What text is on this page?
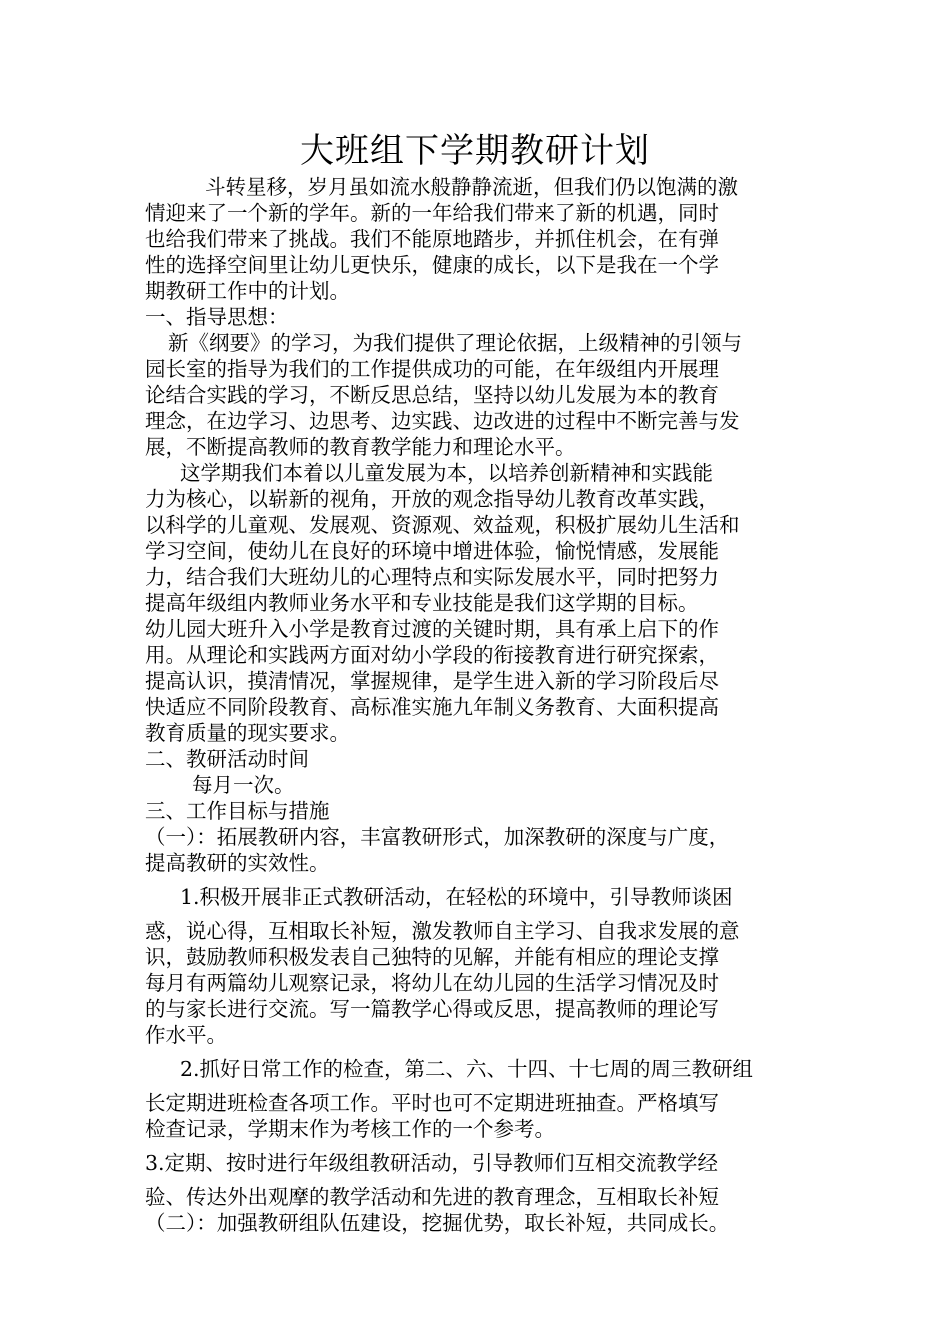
大班组下学期教研计划
斗转星移，岁月虽如流水般静静流逝，但我们仍以饱满的激
情迎来了一个新的学年。新的一年给我们带来了新的机遇，同时
也给我们带来了挑战。我们不能原地踏步，并抓住机会，在有弹
性的选择空间里让幼儿更快乐，健康的成长，以下是我在一个学
期教研工作中的计划。
一、指导思想：
新《纲要》的学习，为我们提供了理论依据，上级精神的引领与
园长室的指导为我们的工作提供成功的可能，在年级组内开展理
论结合实践的学习，不断反思总结，坚持以幼儿发展为本的教育
理念，在边学习、边思考、边实践、边改进的过程中不断完善与发
展，不断提高教师的教育教学能力和理论水平。
这学期我们本着以儿童发展为本，以培养创新精神和实践能
力为核心，以崭新的视角，开放的观念指导幼儿教育改革实践，
以科学的儿童观、发展观、资源观、效益观，积极扩展幼儿生活和
学习空间，使幼儿在良好的环境中增进体验，愉悦情感，发展能
力，结合我们大班幼儿的心理特点和实际发展水平，同时把努力
提高年级组内教师业务水平和专业技能是我们这学期的目标。
幼儿园大班升入小学是教育过渡的关键时期，具有承上启下的作
用。从理论和实践两方面对幼小学段的衔接教育进行研究探索，
提高认识，摸清情况，掌握规律，是学生进入新的学习阶段后尽
快适应不同阶段教育、高标准实施九年制义务教育、大面积提高
教育质量的现实要求。
二、教研活动时间
每月一次。
三、工作目标与措施
（一）：拓展教研内容，丰富教研形式，加深教研的深度与广度，
提高教研的实效性。
1.积极开展非正式教研活动，在轻松的环境中，引导教师谈困
惑，说心得，互相取长补短，激发教师自主学习、自我求发展的意
识，鼓励教师积极发表自己独特的见解，并能有相应的理论支撑
每月有两篇幼儿观察记录，将幼儿在幼儿园的生活学习情况及时
的与家长进行交流。写一篇教学心得或反思，提高教师的理论写
作水平。
2.抓好日常工作的检查，第二、六、十四、十七周的周三教研组
长定期进班检查各项工作。平时也可不定期进班抽查。严格填写
检查记录，学期末作为考核工作的一个参考。
3.定期、按时进行年级组教研活动，引导教师们互相交流教学经
验、传达外出观摩的教学活动和先进的教育理念，互相取长补短
（二）：加强教研组队伍建设，挖掘优势，取长补短，共同成长。
